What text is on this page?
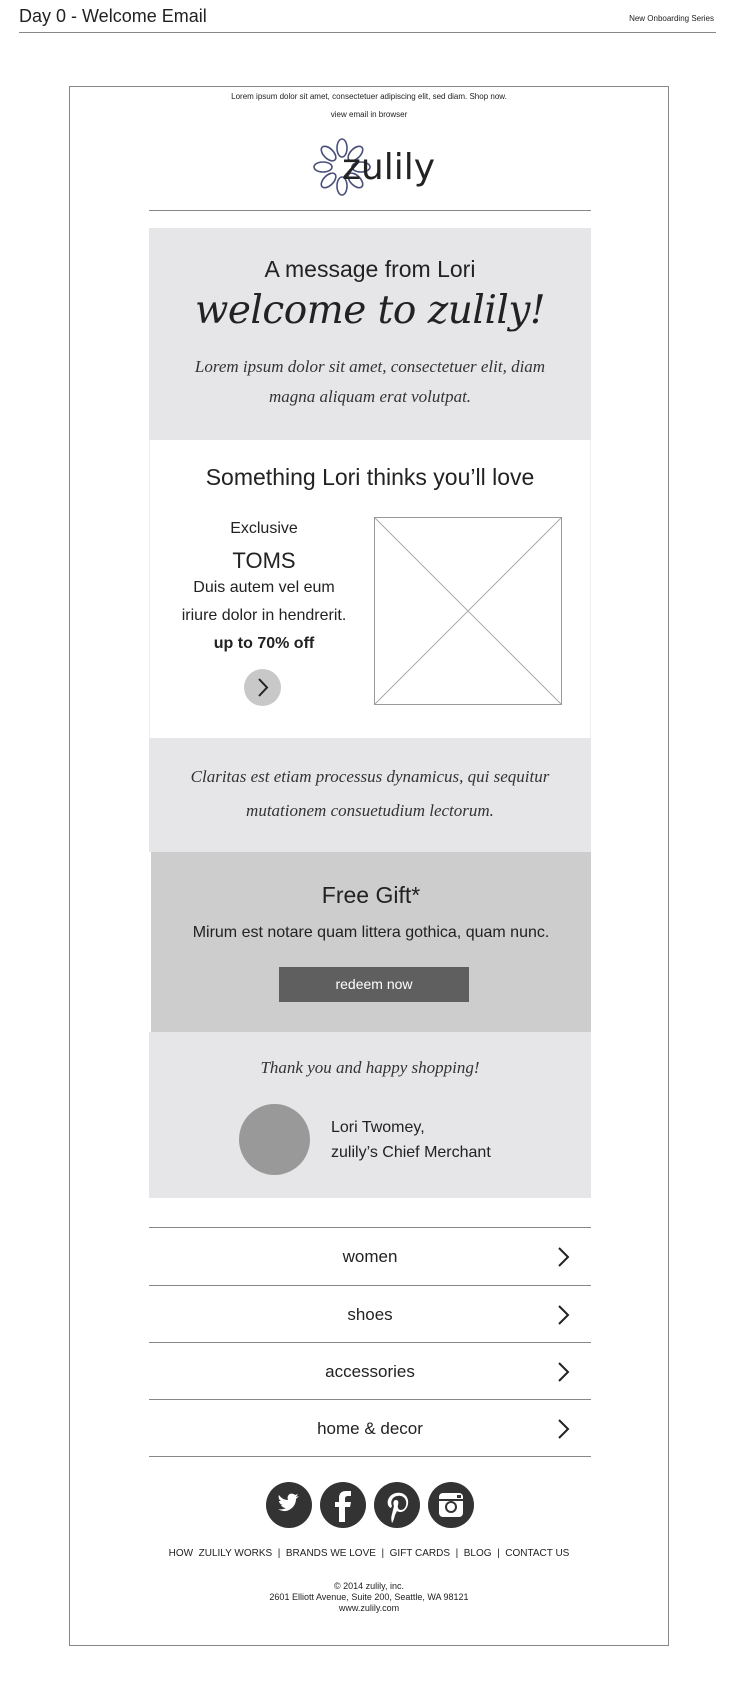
Day 0 - Welcome Email	New Onboarding Series
Lorem ipsum dolor sit amet, consectetuer adipiscing elit, sed diam. Shop now.
view email in browser
zulily
A message from Lori
welcome to zulily!
Lorem ipsum dolor sit amet, consectetuer elit, diam magna aliquam erat volutpat.
Something Lori thinks you’ll love
Exclusive
TOMS
Duis autem vel eum iriure dolor in hendrerit.
up to 70% off
Claritas est etiam processus dynamicus, qui sequitur mutationem consuetudium lectorum.
Free Gift*
Mirum est notare quam littera gothica, quam nunc.
redeem now
Thank you and happy shopping!
Lori Twomey,
zulily’s Chief Merchant
women
shoes
accessories
home & decor
HOW  ZULILY WORKS  |  BRANDS WE LOVE  |  GIFT CARDS  |  BLOG  |  CONTACT US
© 2014 zulily, inc.
2601 Elliott Avenue, Suite 200, Seattle, WA 98121
www.zulily.com
